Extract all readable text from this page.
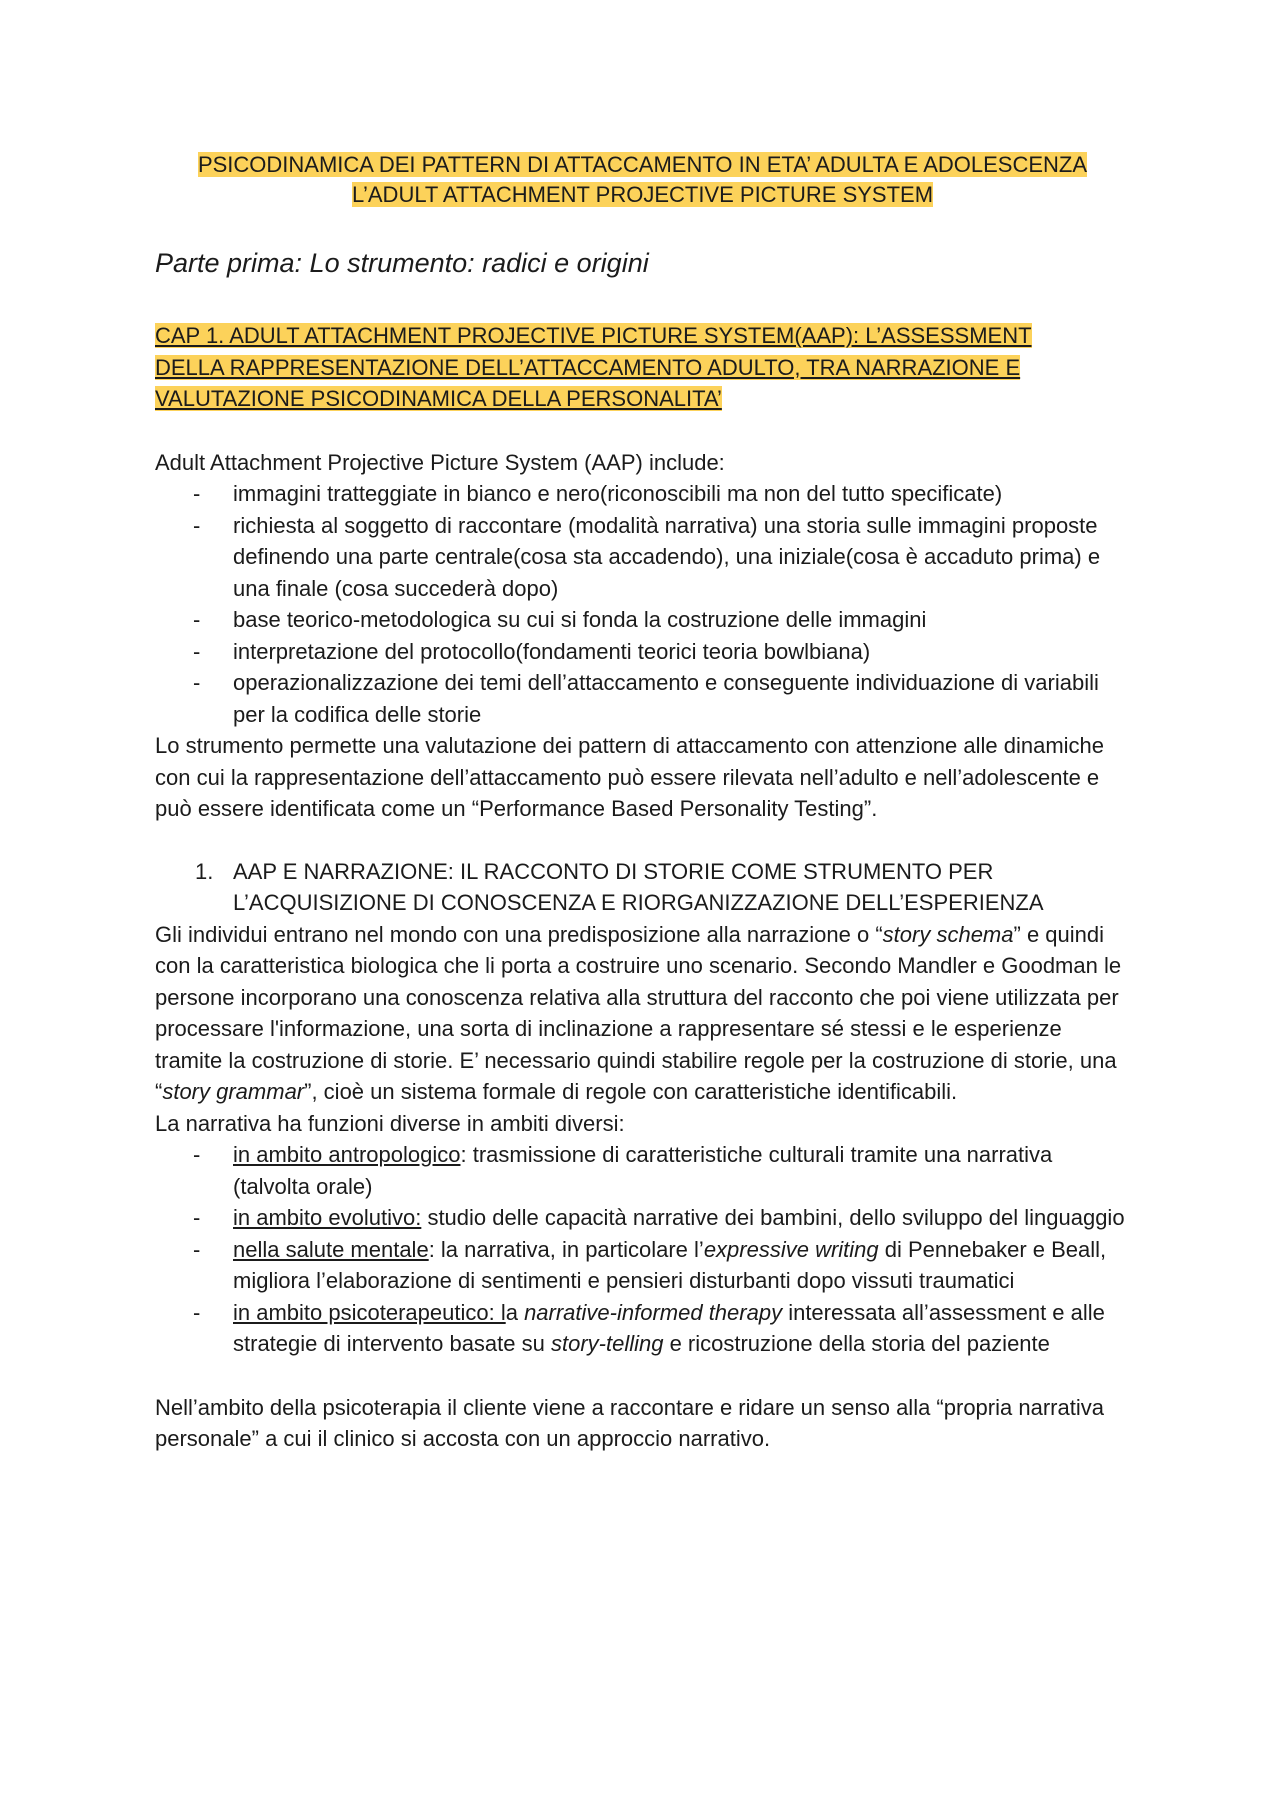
PSICODINAMICA DEI PATTERN DI ATTACCAMENTO IN ETA’ ADULTA E ADOLESCENZA
L’ADULT ATTACHMENT PROJECTIVE PICTURE SYSTEM

Parte prima: Lo strumento: radici e origini
CAP 1. ADULT ATTACHMENT PROJECTIVE PICTURE SYSTEM(AAP): L’ASSESSMENT
DELLA RAPPRESENTAZIONE DELL’ATTACCAMENTO ADULTO, TRA NARRAZIONE E
VALUTAZIONE PSICODINAMICA DELLA PERSONALITA’

Adult Attachment Projective Picture System (AAP) include:

- immagini tratteggiate in bianco e nero(riconoscibili ma non del tutto specificate)
- richiesta al soggetto di raccontare (modalità narrativa) una storia sulle immagini proposte definendo una parte centrale(cosa sta accadendo), una iniziale(cosa è accaduto prima) e una finale (cosa succederà dopo)
- base teorico-metodologica su cui si fonda la costruzione delle immagini
- interpretazione del protocollo(fondamenti teorici teoria bowlbiana)
- operazionalizzazione dei temi dell’attaccamento e conseguente individuazione di variabili per la codifica delle storie

Lo strumento permette una valutazione dei pattern di attaccamento con attenzione alle dinamiche con cui la rappresentazione dell’attaccamento può essere rilevata nell’adulto e nell’adolescente e può essere identificata come un “Performance Based Personality Testing”.

1. AAP E NARRAZIONE: IL RACCONTO DI STORIE COME STRUMENTO PER
L’ACQUISIZIONE DI CONOSCENZA E RIORGANIZZAZIONE DELL’ESPERIENZA

Gli individui entrano nel mondo con una predisposizione alla narrazione o “story schema” e quindi con la caratteristica biologica che li porta a costruire uno scenario. Secondo Mandler e Goodman le persone incorporano una conoscenza relativa alla struttura del racconto che poi viene utilizzata per processare l'informazione, una sorta di inclinazione a rappresentare sé stessi e le esperienze tramite la costruzione di storie. E’ necessario quindi stabilire regole per la costruzione di storie, una “story grammar”, cioè un sistema formale di regole con caratteristiche identificabili.

La narrativa ha funzioni diverse in ambiti diversi:

- in ambito antropologico: trasmissione di caratteristiche culturali tramite una narrativa (talvolta orale)
- in ambito evolutivo: studio delle capacità narrative dei bambini, dello sviluppo del linguaggio
- nella salute mentale: la narrativa, in particolare l’expressive writing di Pennebaker e Beall, migliora l’elaborazione di sentimenti e pensieri disturbanti dopo vissuti traumatici
- in ambito psicoterapeutico: la narrative-informed therapy interessata all’assessment e alle strategie di intervento basate su story-telling e ricostruzione della storia del paziente

Nell’ambito della psicoterapia il cliente viene a raccontare e ridare un senso alla “propria narrativa personale” a cui il clinico si accosta con un approccio narrativo.
